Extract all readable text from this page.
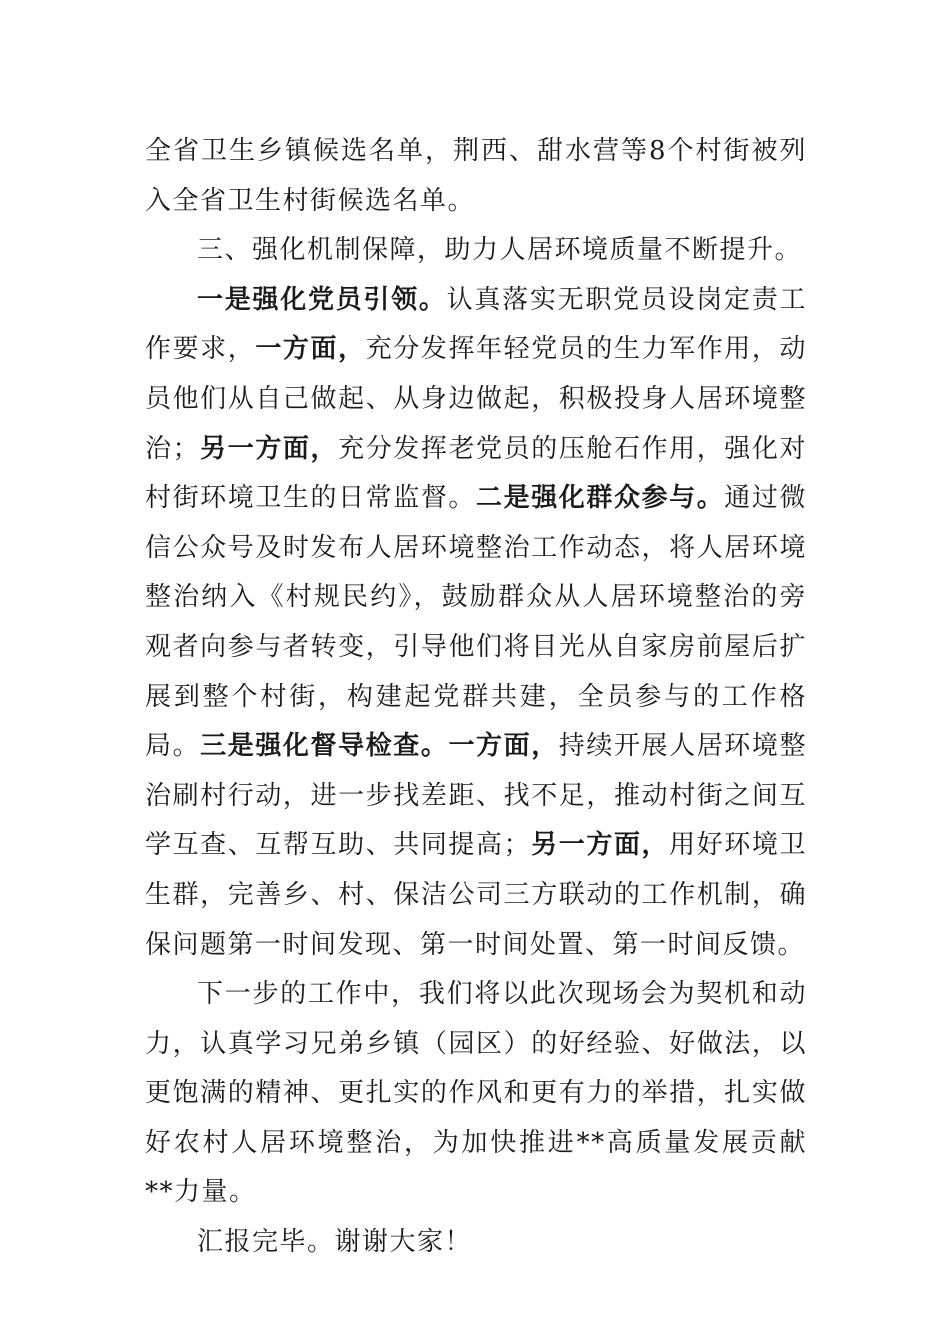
全省卫生乡镇候选名单，荆西、甜水营等8个村街被列入全省卫生村街候选名单。

三、强化机制保障，助力人居环境质量不断提升。

一是强化党员引领。认真落实无职党员设岗定责工作要求，一方面，充分发挥年轻党员的生力军作用，动员他们从自己做起、从身边做起，积极投身人居环境整治；另一方面，充分发挥老党员的压舱石作用，强化对村街环境卫生的日常监督。二是强化群众参与。通过微信公众号及时发布人居环境整治工作动态，将人居环境整治纳入《村规民约》，鼓励群众从人居环境整治的旁观者向参与者转变，引导他们将目光从自家房前屋后扩展到整个村街，构建起党群共建，全员参与的工作格局。三是强化督导检查。一方面，持续开展人居环境整治刷村行动，进一步找差距、找不足，推动村街之间互学互查、互帮互助、共同提高；另一方面，用好环境卫生群，完善乡、村、保洁公司三方联动的工作机制，确保问题第一时间发现、第一时间处置、第一时间反馈。

下一步的工作中，我们将以此次现场会为契机和动力，认真学习兄弟乡镇（园区）的好经验、好做法，以更饱满的精神、更扎实的作风和更有力的举措，扎实做好农村人居环境整治，为加快推进**高质量发展贡献**力量。

汇报完毕。谢谢大家！
